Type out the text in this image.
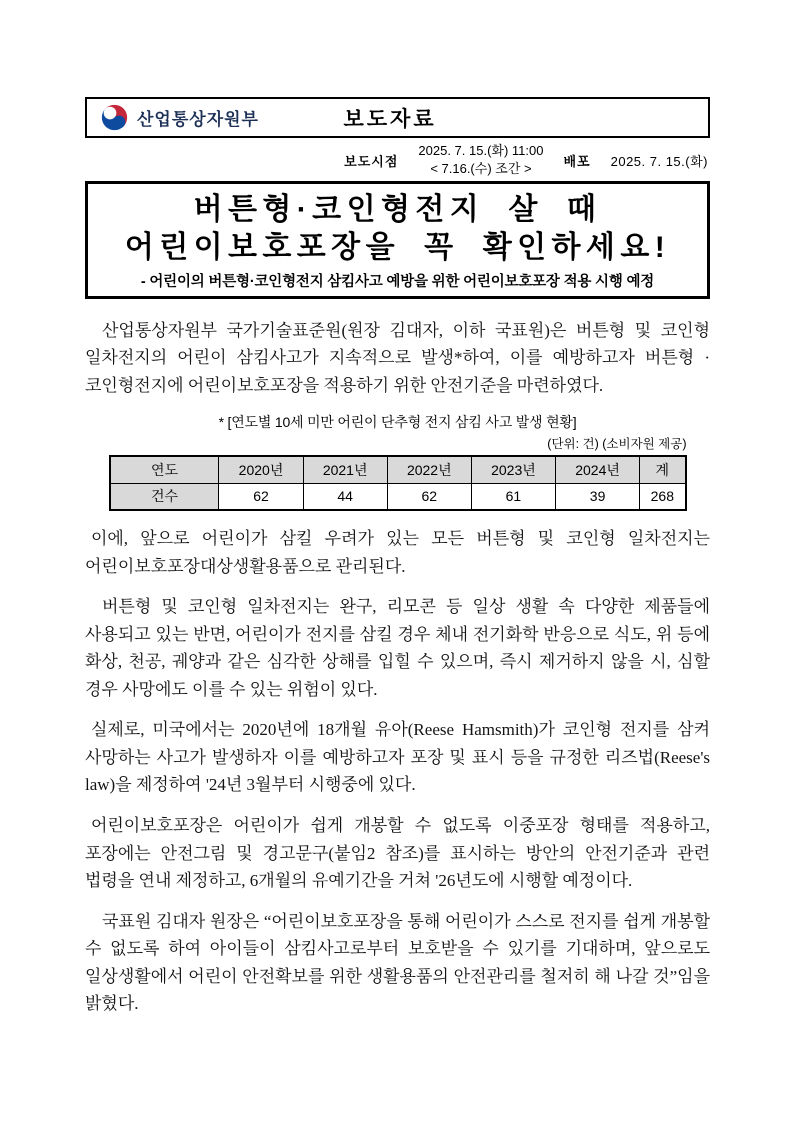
산업통상자원부	보도자료
보도시점
2025. 7. 15.(화) 11:00
< 7.16.(수) 조간 >	배포 2025. 7. 15.(화)
버튼형·코인형전지 살 때
어린이보호포장을 꼭 확인하세요!
- 어린이의 버튼형·코인형전지 삼킴사고 예방을 위한 어린이보호포장 적용 시행 예정

산업통상자원부 국가기술표준원(원장 김대자, 이하 국표원)은 버튼형 및 코인형 일차전지의 어린이 삼킴사고가 지속적으로 발생*하여, 이를 예방하고자 버튼형 · 코인형전지에 어린이보호포장을 적용하기 위한 안전기준을 마련하였다.

* [연도별 10세 미만 어린이 단추형 전지 삼킴 사고 발생 현황]
(단위: 건) (소비자원 제공)
연도	2020년	2021년	2022년	2023년	2024년	계
건수	62	44	62	61	39	268

이에, 앞으로 어린이가 삼킬 우려가 있는 모든 버튼형 및 코인형 일차전지는 어린이보호포장대상생활용품으로 관리된다.

버튼형 및 코인형 일차전지는 완구, 리모콘 등 일상 생활 속 다양한 제품들에 사용되고 있는 반면, 어린이가 전지를 삼킬 경우 체내 전기화학 반응으로 식도, 위 등에 화상, 천공, 궤양과 같은 심각한 상해를 입힐 수 있으며, 즉시 제거하지 않을 시, 심할 경우 사망에도 이를 수 있는 위험이 있다.

실제로, 미국에서는 2020년에 18개월 유아(Reese Hamsmith)가 코인형 전지를 삼켜 사망하는 사고가 발생하자 이를 예방하고자 포장 및 표시 등을 규정한 리즈법(Reese's law)을 제정하여 '24년 3월부터 시행중에 있다.

어린이보호포장은 어린이가 쉽게 개봉할 수 없도록 이중포장 형태를 적용하고, 포장에는 안전그림 및 경고문구(붙임2 참조)를 표시하는 방안의 안전기준과 관련 법령을 연내 제정하고, 6개월의 유예기간을 거쳐 '26년도에 시행할 예정이다.

국표원 김대자 원장은 “어린이보호포장을 통해 어린이가 스스로 전지를 쉽게 개봉할 수 없도록 하여 아이들이 삼킴사고로부터 보호받을 수 있기를 기대하며, 앞으로도 일상생활에서 어린이 안전확보를 위한 생활용품의 안전관리를 철저히 해 나갈 것”임을 밝혔다.
